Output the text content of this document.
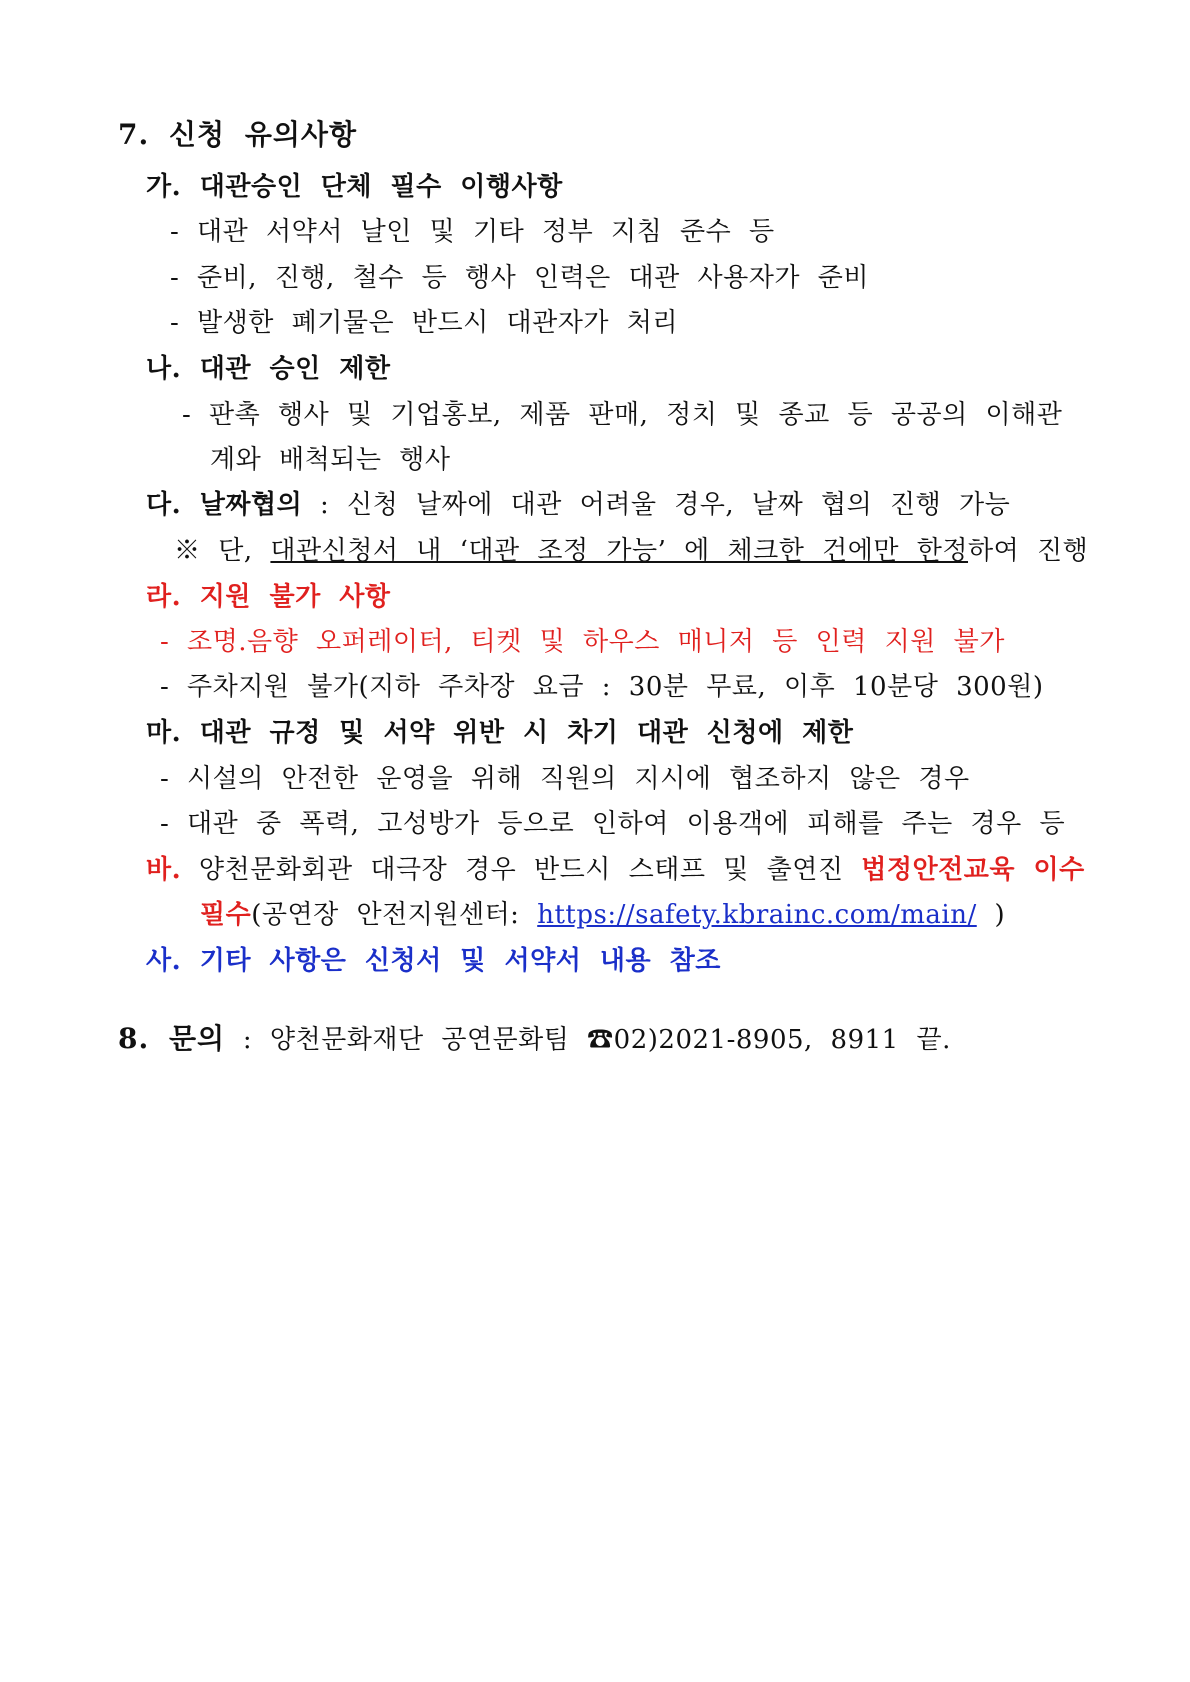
7. 신청 유의사항
가. 대관승인 단체 필수 이행사항
- 대관 서약서 날인 및 기타 정부 지침 준수 등
- 준비, 진행, 철수 등 행사 인력은 대관 사용자가 준비
- 발생한 폐기물은 반드시 대관자가 처리
나. 대관 승인 제한
- 판촉 행사 및 기업홍보, 제품 판매, 정치 및 종교 등 공공의 이해관
계와 배척되는 행사
다. 날짜협의 : 신청 날짜에 대관 어려울 경우, 날짜 협의 진행 가능
※ 단, 대관신청서 내 ‘대관 조정 가능’ 에 체크한 건에만 한정하여 진행
라. 지원 불가 사항
- 조명.음향 오퍼레이터, 티켓 및 하우스 매니저 등 인력 지원 불가
- 주차지원 불가(지하 주차장 요금 : 30분 무료, 이후 10분당 300원)
마. 대관 규정 및 서약 위반 시 차기 대관 신청에 제한
- 시설의 안전한 운영을 위해 직원의 지시에 협조하지 않은 경우
- 대관 중 폭력, 고성방가 등으로 인하여 이용객에 피해를 주는 경우 등
바. 양천문화회관 대극장 경우 반드시 스태프 및 출연진 법정안전교육 이수
필수(공연장 안전지원센터: https://safety.kbrainc.com/main/ )
사. 기타 사항은 신청서 및 서약서 내용 참조
8. 문의 : 양천문화재단 공연문화팀 ☎02)2021-8905, 8911 끝.
